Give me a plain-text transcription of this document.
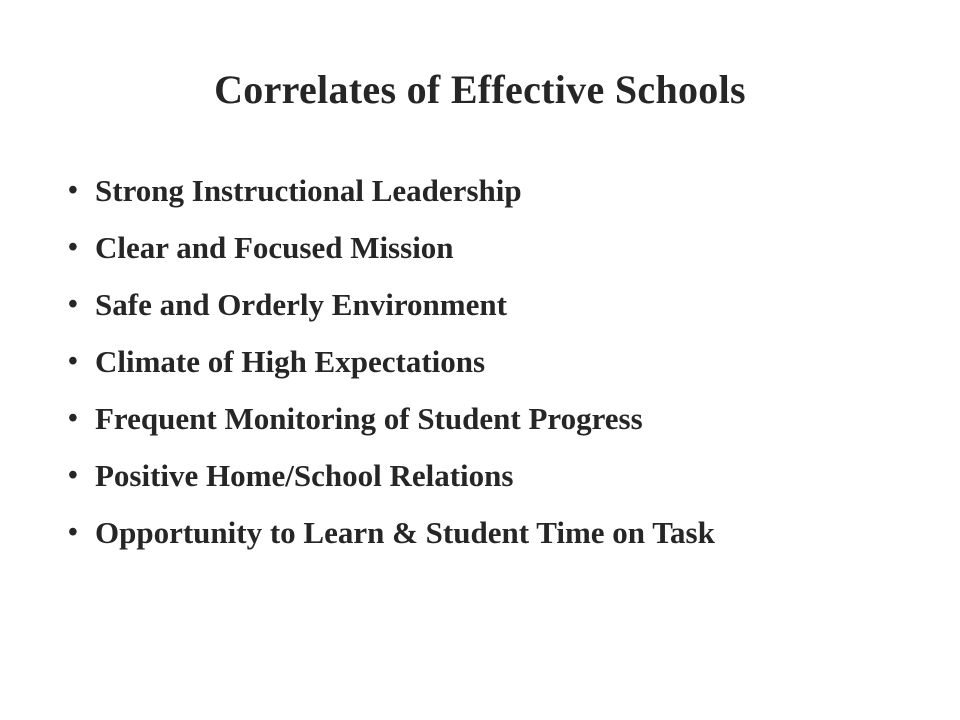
Correlates of Effective Schools
• Strong Instructional Leadership
• Clear and Focused Mission
• Safe and Orderly Environment
• Climate of High Expectations
• Frequent Monitoring of Student Progress
• Positive Home/School Relations
• Opportunity to Learn & Student Time on Task
